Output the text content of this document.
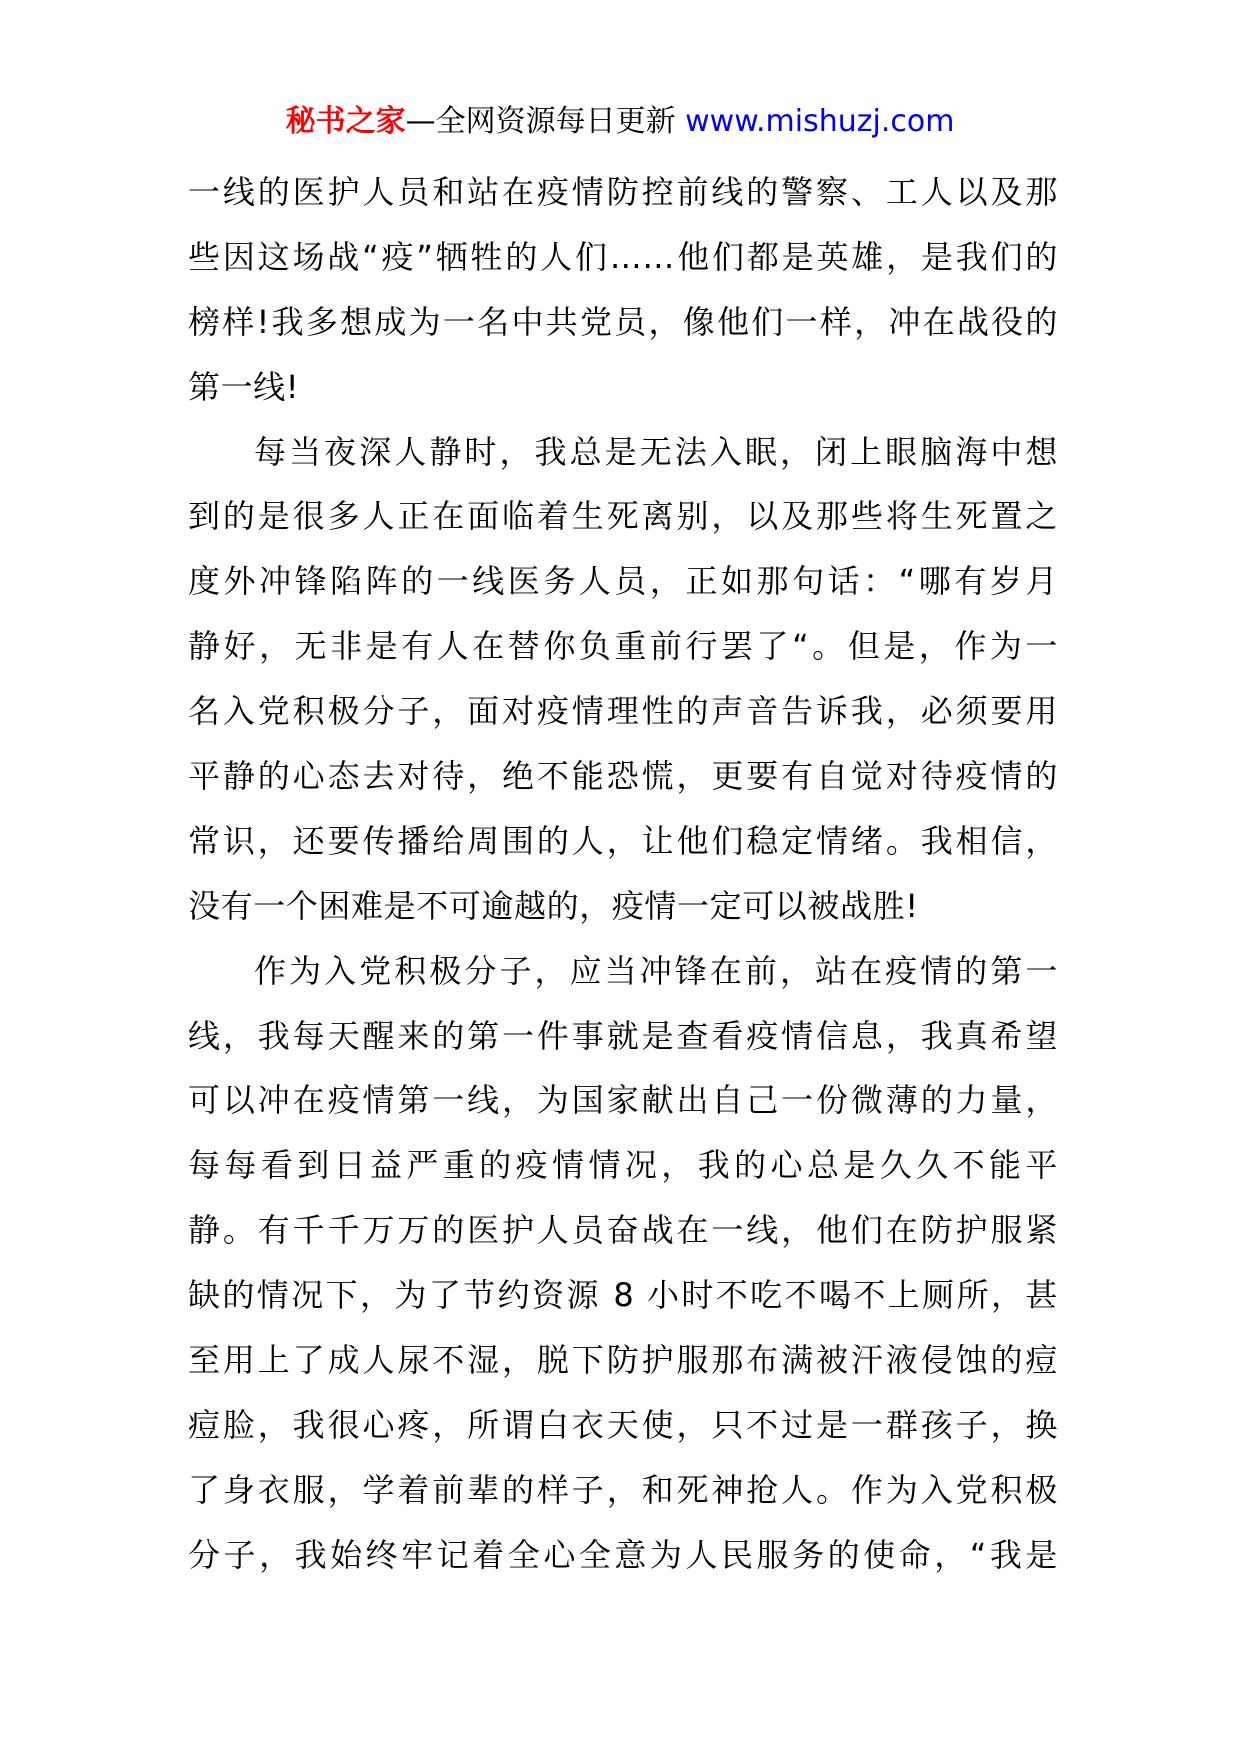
秘书之家—全网资源每日更新 www.mishuzj.com
一线的医护人员和站在疫情防控前线的警察、工人以及那
些因这场战“疫”牺牲的人们……他们都是英雄，是我们的
榜样!我多想成为一名中共党员，像他们一样，冲在战役的
第一线!
每当夜深人静时，我总是无法入眠，闭上眼脑海中想
到的是很多人正在面临着生死离别，以及那些将生死置之
度外冲锋陷阵的一线医务人员，正如那句话：“哪有岁月
静好，无非是有人在替你负重前行罢了“。但是，作为一
名入党积极分子，面对疫情理性的声音告诉我，必须要用
平静的心态去对待，绝不能恐慌，更要有自觉对待疫情的
常识，还要传播给周围的人，让他们稳定情绪。我相信，
没有一个困难是不可逾越的，疫情一定可以被战胜!
作为入党积极分子，应当冲锋在前，站在疫情的第一
线，我每天醒来的第一件事就是查看疫情信息，我真希望
可以冲在疫情第一线，为国家献出自己一份微薄的力量，
每每看到日益严重的疫情情况，我的心总是久久不能平
静。有千千万万的医护人员奋战在一线，他们在防护服紧
缺的情况下，为了节约资源 8 小时不吃不喝不上厕所，甚
至用上了成人尿不湿，脱下防护服那布满被汗液侵蚀的痘
痘脸，我很心疼，所谓白衣天使，只不过是一群孩子，换
了身衣服，学着前辈的样子，和死神抢人。作为入党积极
分子，我始终牢记着全心全意为人民服务的使命，“我是
